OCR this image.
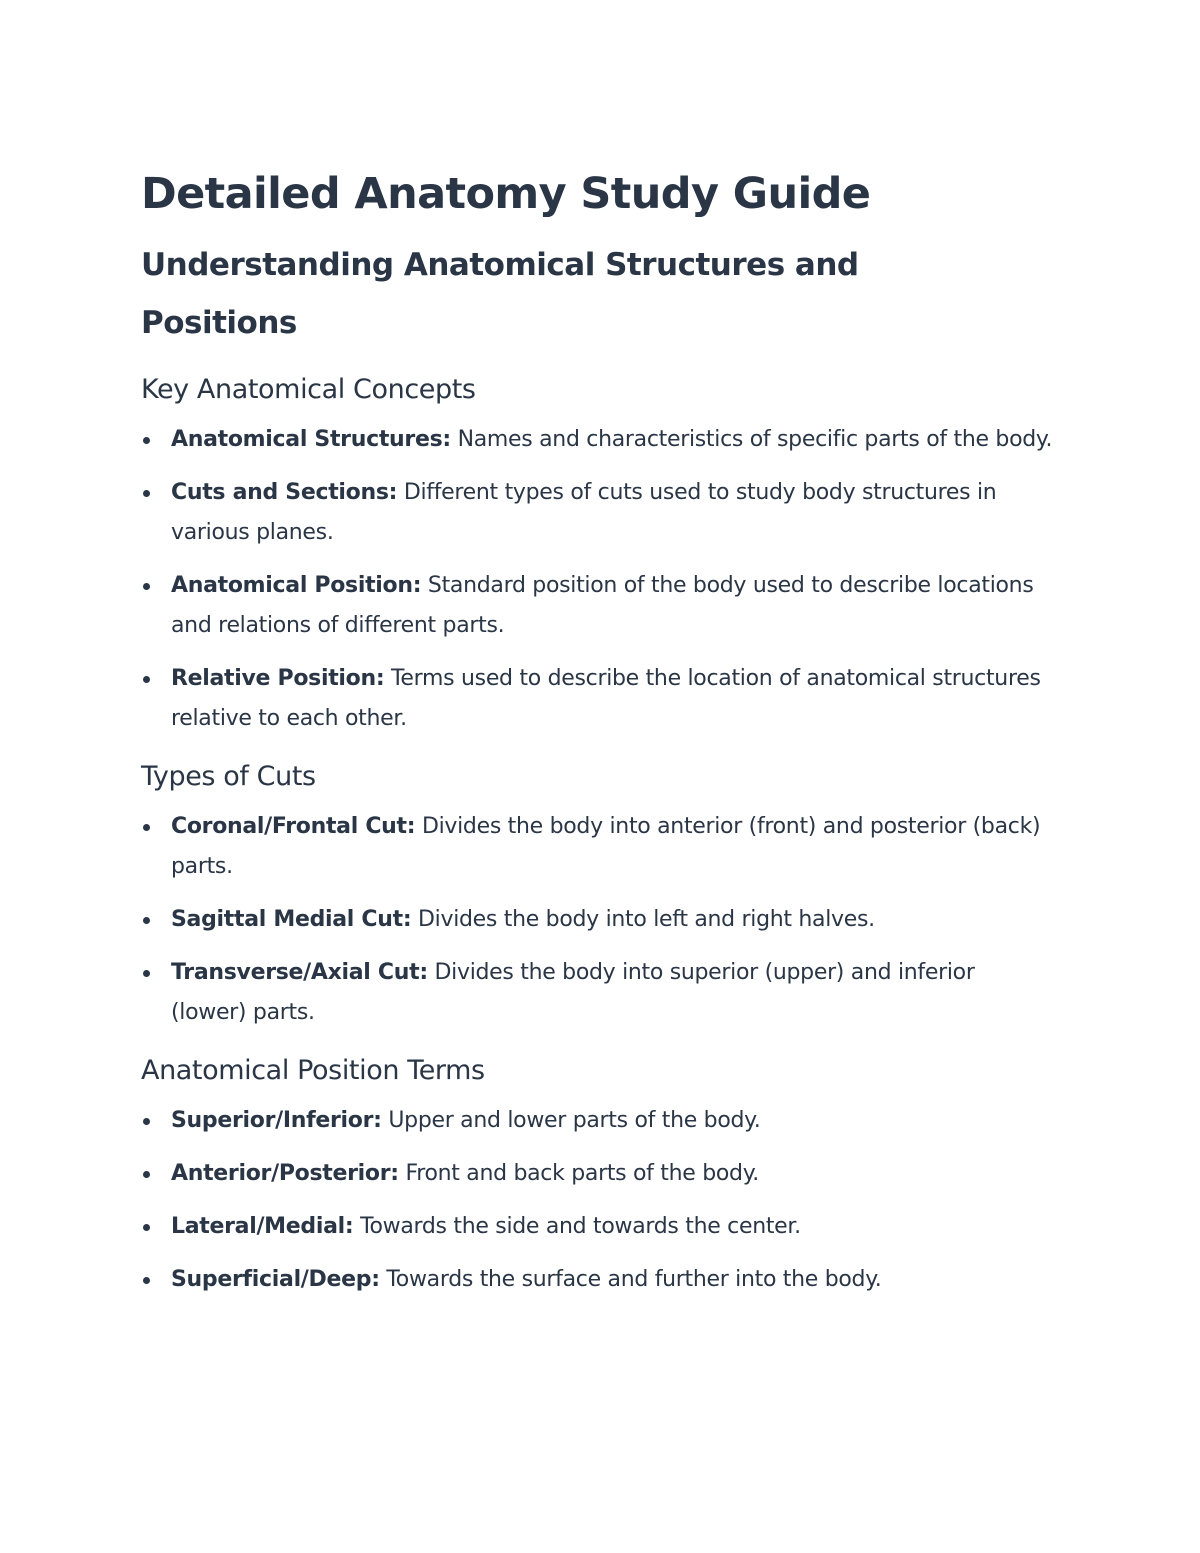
Detailed Anatomy Study Guide
Understanding Anatomical Structures and Positions
Key Anatomical Concepts
Anatomical Structures: Names and characteristics of specific parts of the body.
Cuts and Sections: Different types of cuts used to study body structures in various planes.
Anatomical Position: Standard position of the body used to describe locations and relations of different parts.
Relative Position: Terms used to describe the location of anatomical structures relative to each other.
Types of Cuts
Coronal/Frontal Cut: Divides the body into anterior (front) and posterior (back) parts.
Sagittal Medial Cut: Divides the body into left and right halves.
Transverse/Axial Cut: Divides the body into superior (upper) and inferior (lower) parts.
Anatomical Position Terms
Superior/Inferior: Upper and lower parts of the body.
Anterior/Posterior: Front and back parts of the body.
Lateral/Medial: Towards the side and towards the center.
Superficial/Deep: Towards the surface and further into the body.
